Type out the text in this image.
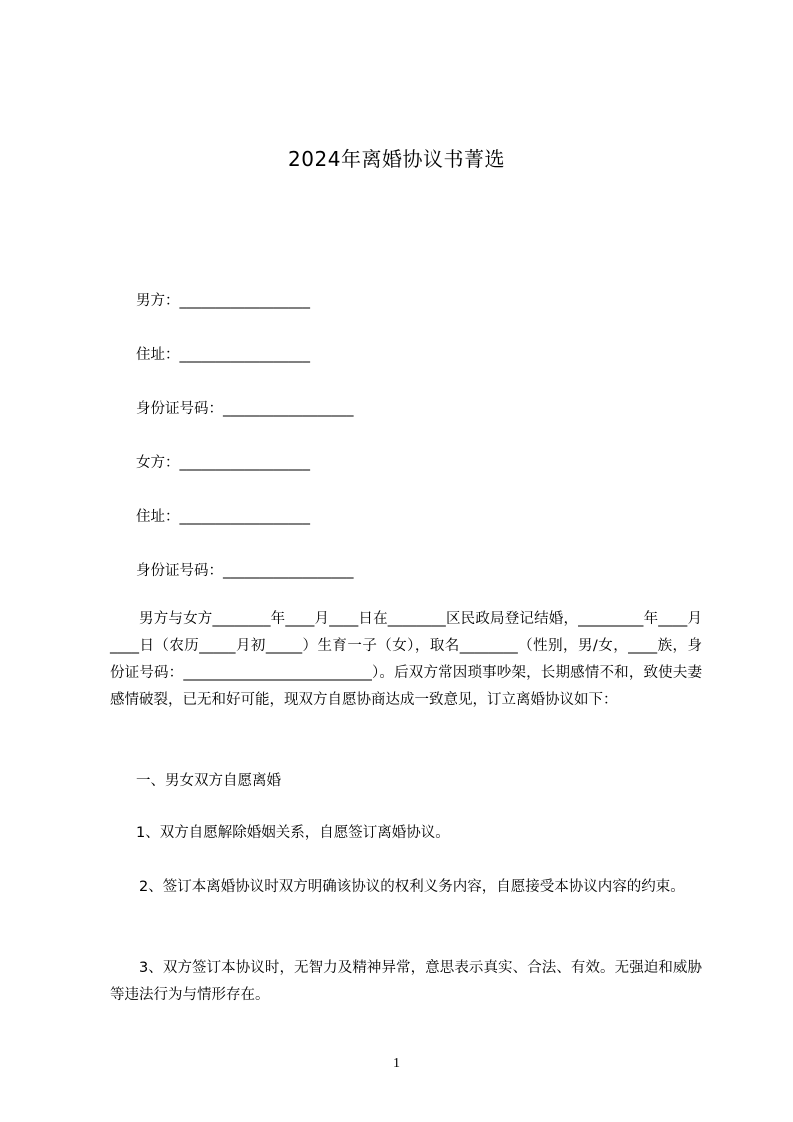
2024年离婚协议书菁选
男方：__________________
住址：__________________
身份证号码：__________________
女方：__________________
住址：__________________
身份证号码：__________________
男方与女方________年____月____日在________区民政局登记结婚，_________年____月____日（农历_____月初_____）生育一子（女），取名________（性别，男/女，____族，身份证号码：__________________________）。后双方常因琐事吵架，长期感情不和，致使夫妻感情破裂，已无和好可能，现双方自愿协商达成一致意见，订立离婚协议如下：
一、男女双方自愿离婚
1、双方自愿解除婚姻关系，自愿签订离婚协议。
2、签订本离婚协议时双方明确该协议的权利义务内容，自愿接受本协议内容的约束。
3、双方签订本协议时，无智力及精神异常，意思表示真实、合法、有效。无强迫和威胁等违法行为与情形存在。
1
